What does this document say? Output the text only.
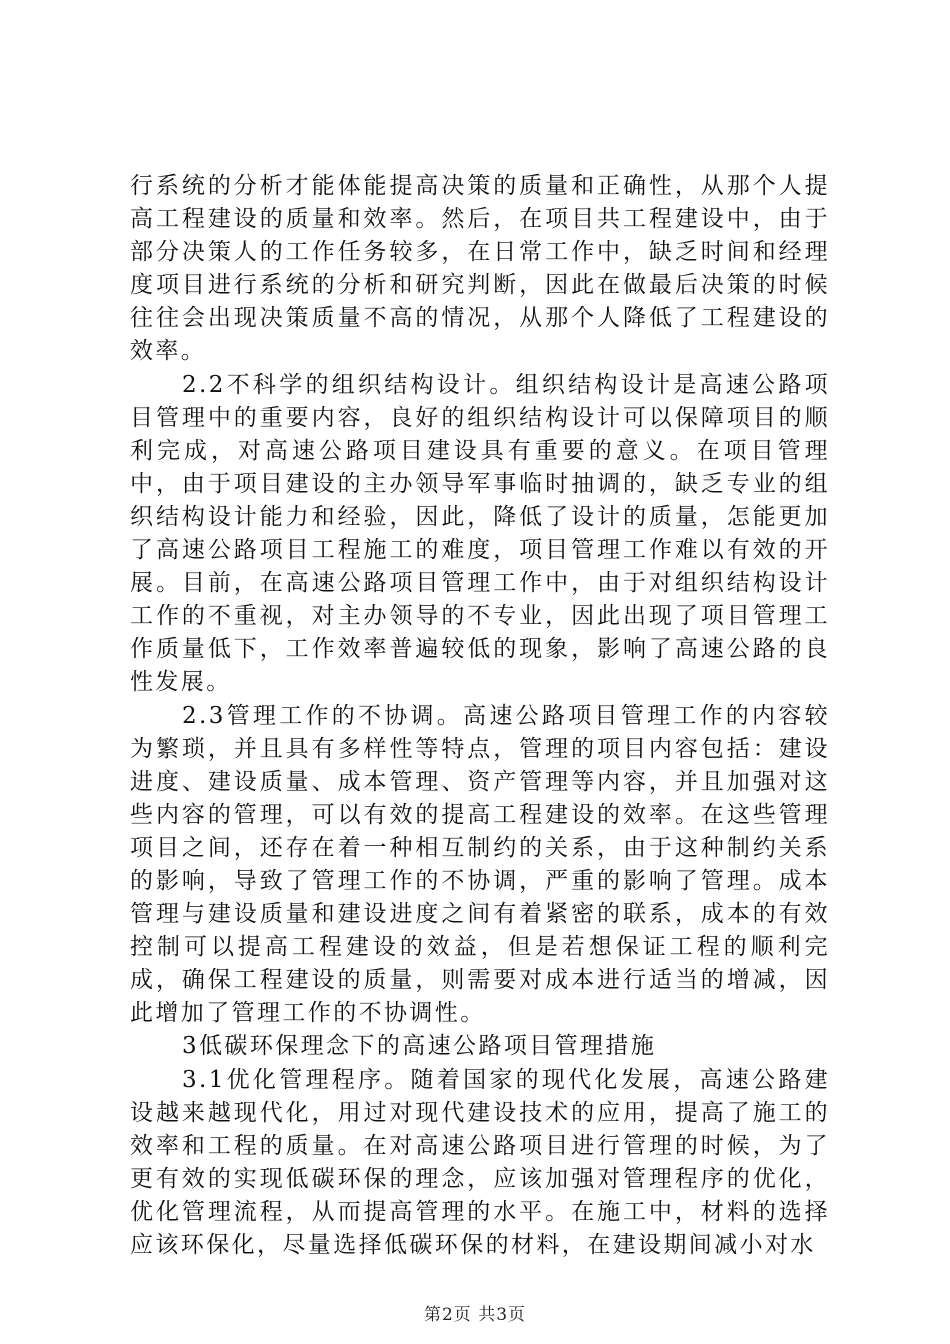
行系统的分析才能体能提高决策的质量和正确性，从那个人提高工程建设的质量和效率。然后，在项目共工程建设中，由于部分决策人的工作任务较多，在日常工作中，缺乏时间和经理度项目进行系统的分析和研究判断，因此在做最后决策的时候往往会出现决策质量不高的情况，从那个人降低了工程建设的效率。

2.2不科学的组织结构设计。组织结构设计是高速公路项目管理中的重要内容，良好的组织结构设计可以保障项目的顺利完成，对高速公路项目建设具有重要的意义。在项目管理中，由于项目建设的主办领导军事临时抽调的，缺乏专业的组织结构设计能力和经验，因此，降低了设计的质量，怎能更加了高速公路项目工程施工的难度，项目管理工作难以有效的开展。目前，在高速公路项目管理工作中，由于对组织结构设计工作的不重视，对主办领导的不专业，因此出现了项目管理工作质量低下，工作效率普遍较低的现象，影响了高速公路的良性发展。

2.3管理工作的不协调。高速公路项目管理工作的内容较为繁琐，并且具有多样性等特点，管理的项目内容包括：建设进度、建设质量、成本管理、资产管理等内容，并且加强对这些内容的管理，可以有效的提高工程建设的效率。在这些管理项目之间，还存在着一种相互制约的关系，由于这种制约关系的影响，导致了管理工作的不协调，严重的影响了管理。成本管理与建设质量和建设进度之间有着紧密的联系，成本的有效控制可以提高工程建设的效益，但是若想保证工程的顺利完成，确保工程建设的质量，则需要对成本进行适当的增减，因此增加了管理工作的不协调性。

3低碳环保理念下的高速公路项目管理措施

3.1优化管理程序。随着国家的现代化发展，高速公路建设越来越现代化，用过对现代建设技术的应用，提高了施工的效率和工程的质量。在对高速公路项目进行管理的时候，为了更有效的实现低碳环保的理念，应该加强对管理程序的优化，优化管理流程，从而提高管理的水平。在施工中，材料的选择应该环保化，尽量选择低碳环保的材料，在建设期间减小对水

第2页 共3页
